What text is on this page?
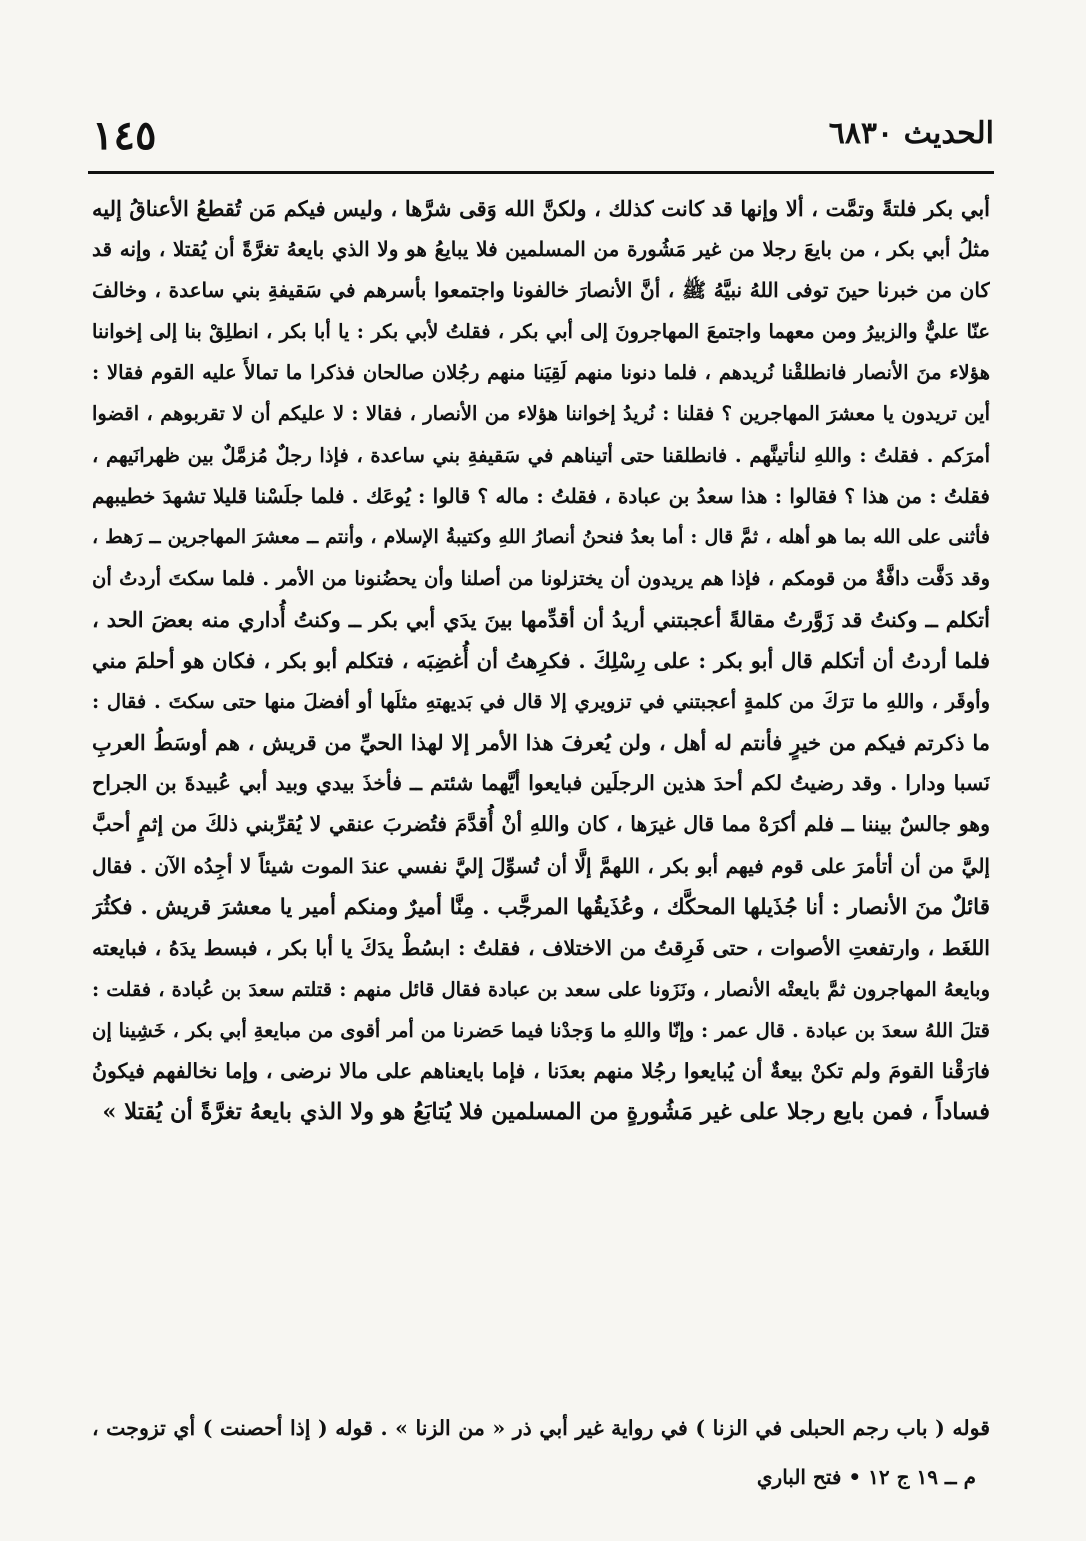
الحديث ٦٨٣٠
١٤٥
أبي بكر فلتةً وتمَّت ، ألا وإنها قد كانت كذلك ، ولكنَّ الله وَقى شرَّها ، وليس فيكم مَن تُقطعُ الأعناقُ إليه
مثلُ أبي بكر ، من بايعَ رجلا من غير مَشُورة من المسلمين فلا يبايعُ هو ولا الذي بايعهُ تغرَّةً أن يُقتلا ، وإنه قد
كان من خبرنا حينَ توفى اللهُ نبيَّهُ ﷺ ، أنَّ الأنصارَ خالفونا واجتمعوا بأسرهم في سَقيفةِ بني ساعدة ، وخالفَ
عنّا عليٌّ والزبيرُ ومن معهما واجتمعَ المهاجرونَ إلى أبي بكر ، فقلتُ لأبي بكر : يا أبا بكر ، انطلِقْ بنا إلى إخواننا
هؤلاء منَ الأنصار فانطلقْنا نُريدهم ، فلما دنونا منهم لَقِيَنا منهم رجُلان صالحان فذكرا ما تمالأَ عليه القوم فقالا :
أين تريدون يا معشرَ المهاجرين ؟ فقلنا : نُريدُ إخواننا هؤلاء من الأنصار ، فقالا : لا عليكم أن لا تقربوهم ، اقضوا
أمرَكم . فقلتُ : واللهِ لنأتينَّهم . فانطلقنا حتى أتيناهم في سَقيفةِ بني ساعدة ، فإذا رجلٌ مُزمَّلٌ بين ظهرانَيهم ،
فقلتُ : من هذا ؟ فقالوا : هذا سعدُ بن عبادة ، فقلتُ : ماله ؟ قالوا : يُوعَك . فلما جلَسْنا قليلا تشهدَ خطيبهم
فأثنى على الله بما هو أهله ، ثمَّ قال : أما بعدُ فنحنُ أنصارُ اللهِ وكتيبةُ الإسلام ، وأنتم ــ معشرَ المهاجرين ــ رَهط ،
وقد دَفَّت دافَّةٌ من قومكم ، فإذا هم يريدون أن يختزلونا من أصلنا وأن يحضُنونا من الأمر . فلما سكتَ أردتُ أن
أتكلم ــ وكنتُ قد زَوَّرتُ مقالةً أعجبتني أريدُ أن أقدِّمها بينَ يدَي أبي بكر ــ وكنتُ أُداري منه بعضَ الحد ،
فلما أردتُ أن أتكلم قال أبو بكر : على رِسْلِكَ . فكرِهتُ أن أُغضِبَه ، فتكلم أبو بكر ، فكان هو أحلمَ مني
وأوقَر ، واللهِ ما ترَكَ من كلمةٍ أعجبتني في تزويري إلا قال في بَديهتهِ مثلَها أو أفضلَ منها حتى سكتَ . فقال :
ما ذكرتم فيكم من خيرٍ فأنتم له أهل ، ولن يُعرفَ هذا الأمر إلا لهذا الحيِّ من قريش ، هم أوسَطُ العربِ
نَسبا ودارا . وقد رضيتُ لكم أحدَ هذين الرجلَين فبايعوا أيَّهما شئتم ــ فأخذَ بيدي وبيد أبي عُبيدةَ بن الجراح
وهو جالسٌ بيننا ــ فلم أكرَهْ مما قال غيرَها ، كان واللهِ أنْ أُقدَّمَ فتُضربَ عنقي لا يُقرِّبني ذلكَ من إثمٍ أحبَّ
إليَّ من أن أتأمرَ على قوم فيهم أبو بكر ، اللهمَّ إلَّا أن تُسوِّلَ إليَّ نفسي عندَ الموت شيئاً لا أجِدُه الآن . فقال
قائلٌ منَ الأنصار : أنا جُذَيلها المحكَّك ، وعُذَيقُها المرجَّب . مِنَّا أميرٌ ومنكم أمير يا معشرَ قريش . فكثُرَ
اللغَط ، وارتفعتِ الأصوات ، حتى فَرِقتُ من الاختلاف ، فقلتُ : ابسُطْ يدَكَ يا أبا بكر ، فبسط يدَهُ ، فبايعته
وبايعهُ المهاجرون ثمَّ بايعتْه الأنصار ، ونَزَونا على سعد بن عبادة فقال قائل منهم : قتلتم سعدَ بن عُبادة ، فقلت :
قتلَ اللهُ سعدَ بن عبادة . قال عمر : وإنّا واللهِ ما وَجدْنا فيما حَضرنا من أمر أقوى من مبايعةِ أبي بكر ، خَشِينا إن
فارَقْنا القومَ ولم تكنْ بيعةٌ أن يُبايعوا رجُلا منهم بعدَنا ، فإما بايعناهم على مالا نرضى ، وإما نخالفهم فيكونُ
فساداً ، فمن بايع رجلا على غير مَشُورةٍ من المسلمين فلا يُتابَعُ هو ولا الذي بايعهُ تغرَّةً أن يُقتلا »
قوله ( باب رجم الحبلى في الزنا ) في رواية غير أبي ذر « من الزنا » . قوله ( إذا أحصنت ) أي تزوجت ،
م ــ ١٩ ج ١٢ • فتح الباري
